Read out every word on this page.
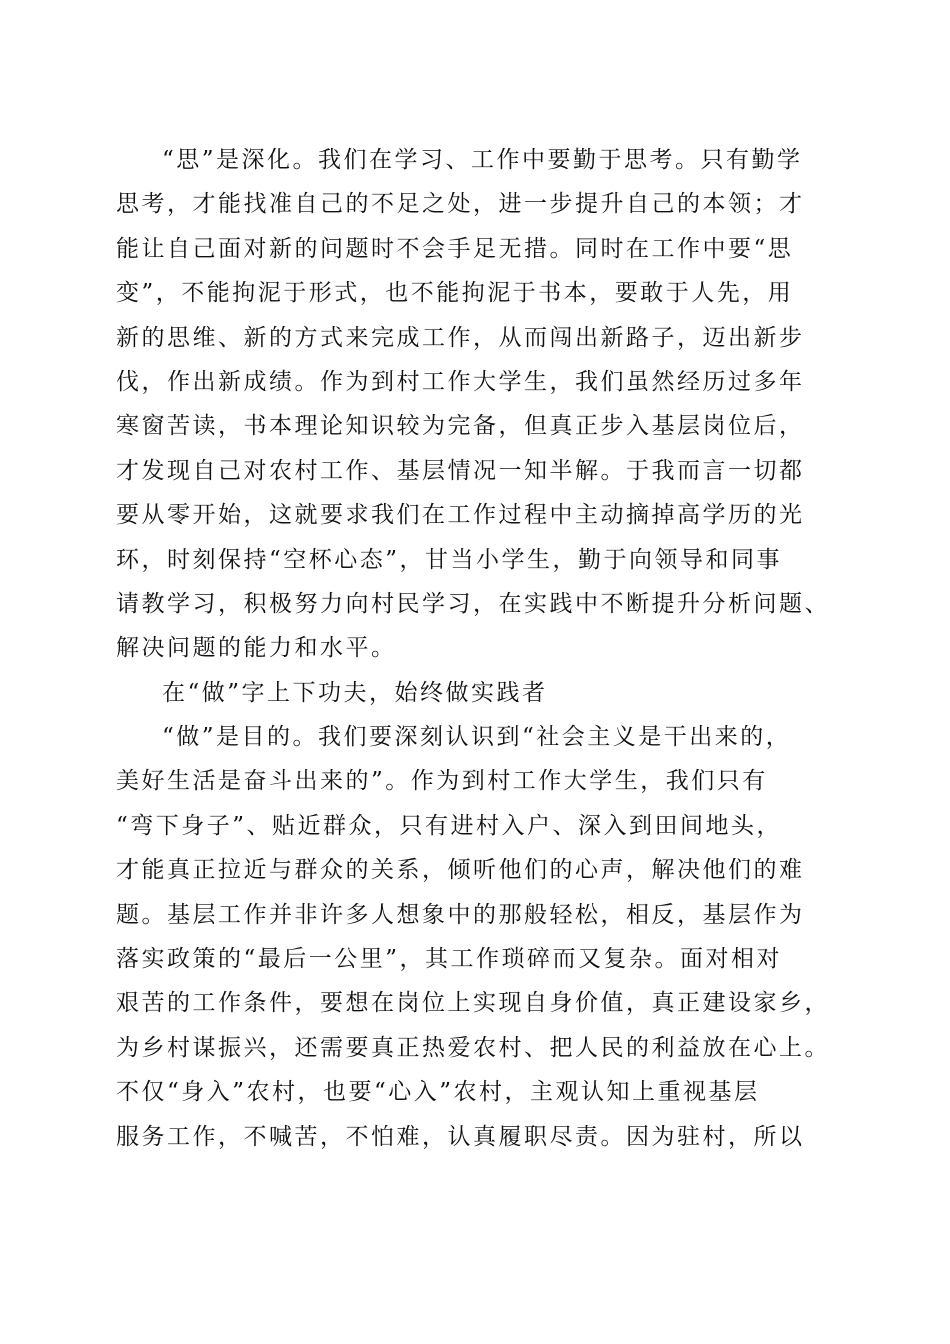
“思”是深化。我们在学习、工作中要勤于思考。只有勤学
思考，才能找准自己的不足之处，进一步提升自己的本领；才
能让自己面对新的问题时不会手足无措。同时在工作中要“思
变”，不能拘泥于形式，也不能拘泥于书本，要敢于人先，用
新的思维、新的方式来完成工作，从而闯出新路子，迈出新步
伐，作出新成绩。作为到村工作大学生，我们虽然经历过多年
寒窗苦读，书本理论知识较为完备，但真正步入基层岗位后，
才发现自己对农村工作、基层情况一知半解。于我而言一切都
要从零开始，这就要求我们在工作过程中主动摘掉高学历的光
环，时刻保持“空杯心态”，甘当小学生，勤于向领导和同事
请教学习，积极努力向村民学习，在实践中不断提升分析问题、
解决问题的能力和水平。
在“做”字上下功夫，始终做实践者
“做”是目的。我们要深刻认识到“社会主义是干出来的，
美好生活是奋斗出来的”。作为到村工作大学生，我们只有
“弯下身子”、贴近群众，只有进村入户、深入到田间地头，
才能真正拉近与群众的关系，倾听他们的心声，解决他们的难
题。基层工作并非许多人想象中的那般轻松，相反，基层作为
落实政策的“最后一公里”，其工作琐碎而又复杂。面对相对
艰苦的工作条件，要想在岗位上实现自身价值，真正建设家乡，
为乡村谋振兴，还需要真正热爱农村、把人民的利益放在心上。
不仅“身入”农村，也要“心入”农村，主观认知上重视基层
服务工作，不喊苦，不怕难，认真履职尽责。因为驻村，所以
